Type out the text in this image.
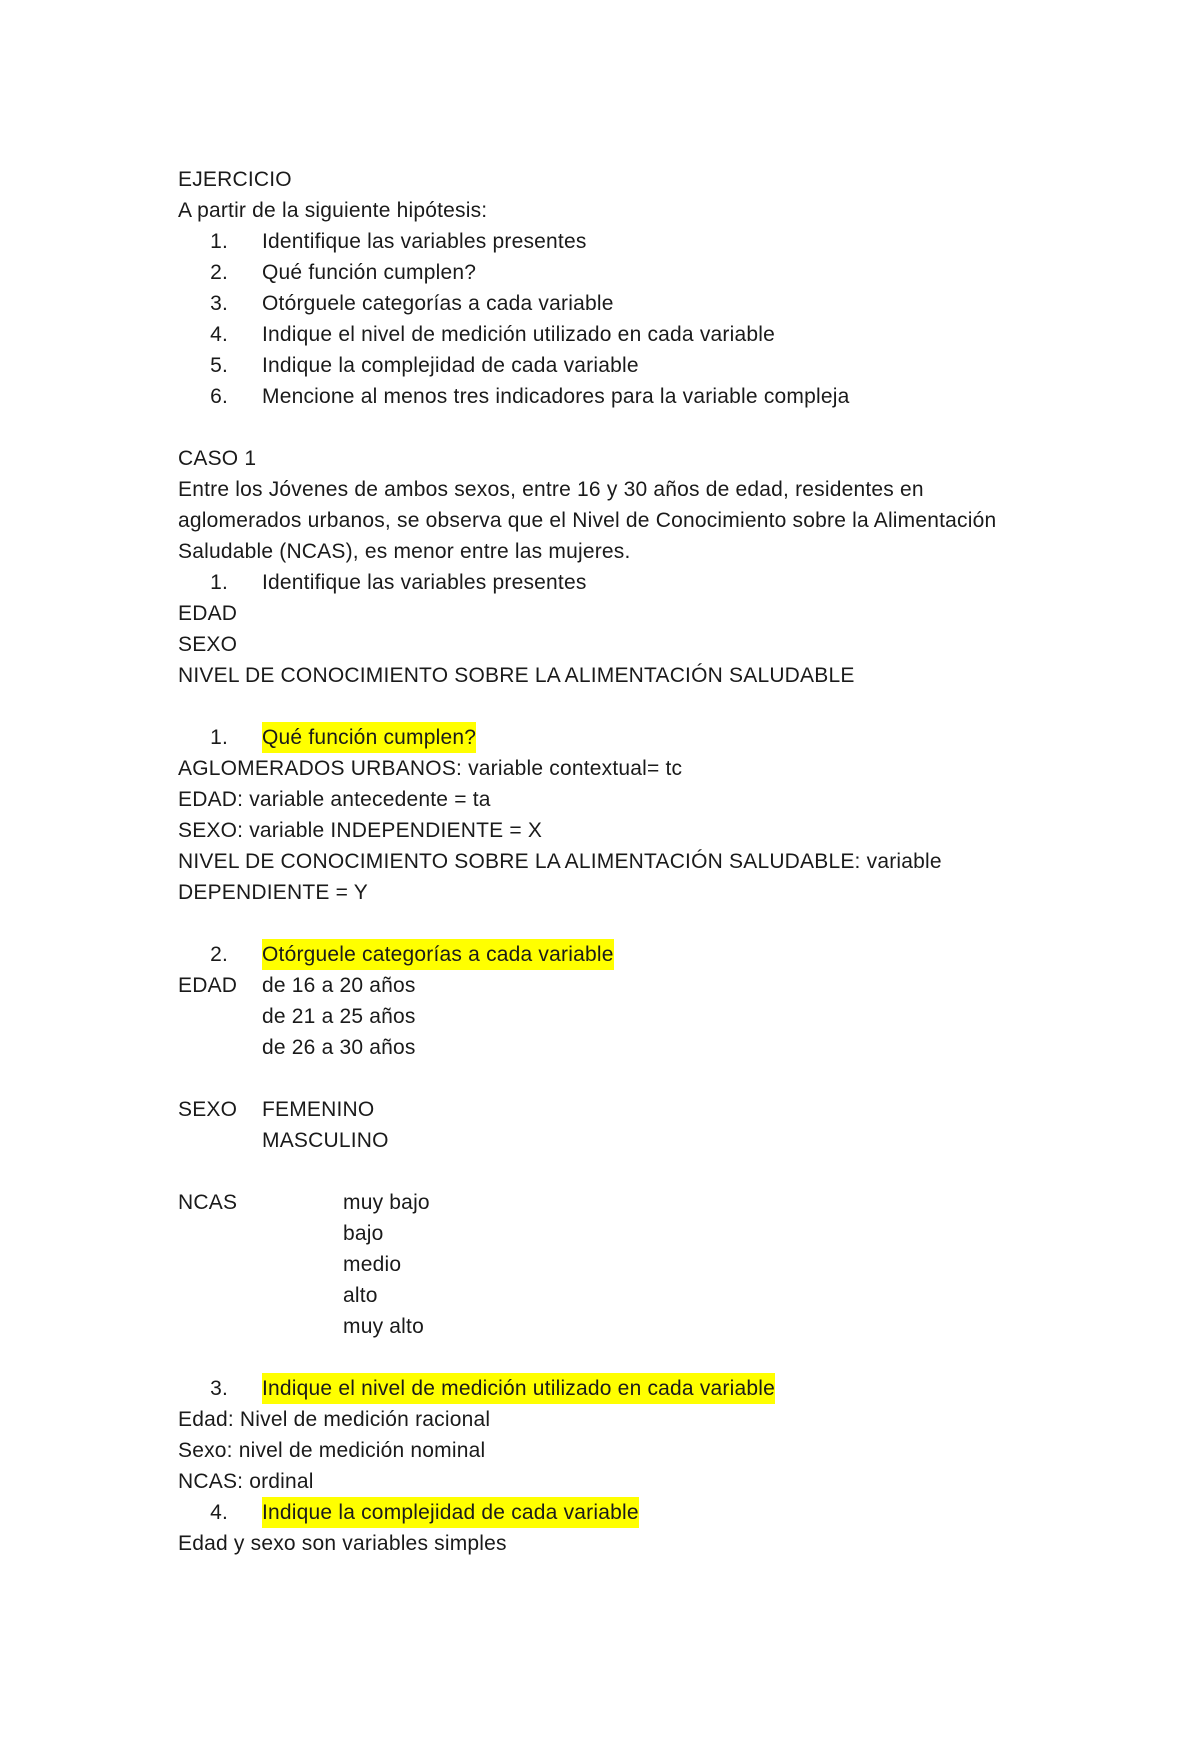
EJERCICIO
A partir de la siguiente hipótesis:
1.	Identifique las variables presentes
2.	Qué función cumplen?
3.	Otórguele categorías a cada variable
4.	Indique el nivel de medición utilizado en cada variable
5.	Indique la complejidad de cada variable
6.	Mencione al menos tres indicadores para la variable compleja
CASO 1
Entre los Jóvenes de ambos sexos, entre 16 y 30 años de edad, residentes en
aglomerados urbanos, se observa que el Nivel de Conocimiento sobre la Alimentación
Saludable (NCAS), es menor entre las mujeres.
1.	Identifique las variables presentes
EDAD
SEXO
NIVEL DE CONOCIMIENTO SOBRE LA ALIMENTACIÓN SALUDABLE
1.	Qué función cumplen?
AGLOMERADOS URBANOS: variable contextual= tc
EDAD: variable antecedente = ta
SEXO: variable INDEPENDIENTE = X
NIVEL DE CONOCIMIENTO SOBRE LA ALIMENTACIÓN SALUDABLE: variable
DEPENDIENTE = Y
2.	Otórguele categorías a cada variable
EDAD	de 16 a 20 años
de 21 a 25 años
de 26 a 30 años
SEXO	FEMENINO
MASCULINO
NCAS	muy bajo
bajo
medio
alto
muy alto
3.	Indique el nivel de medición utilizado en cada variable
Edad: Nivel de medición racional
Sexo: nivel de medición nominal
NCAS: ordinal
4.	Indique la complejidad de cada variable
Edad y sexo son variables simples
